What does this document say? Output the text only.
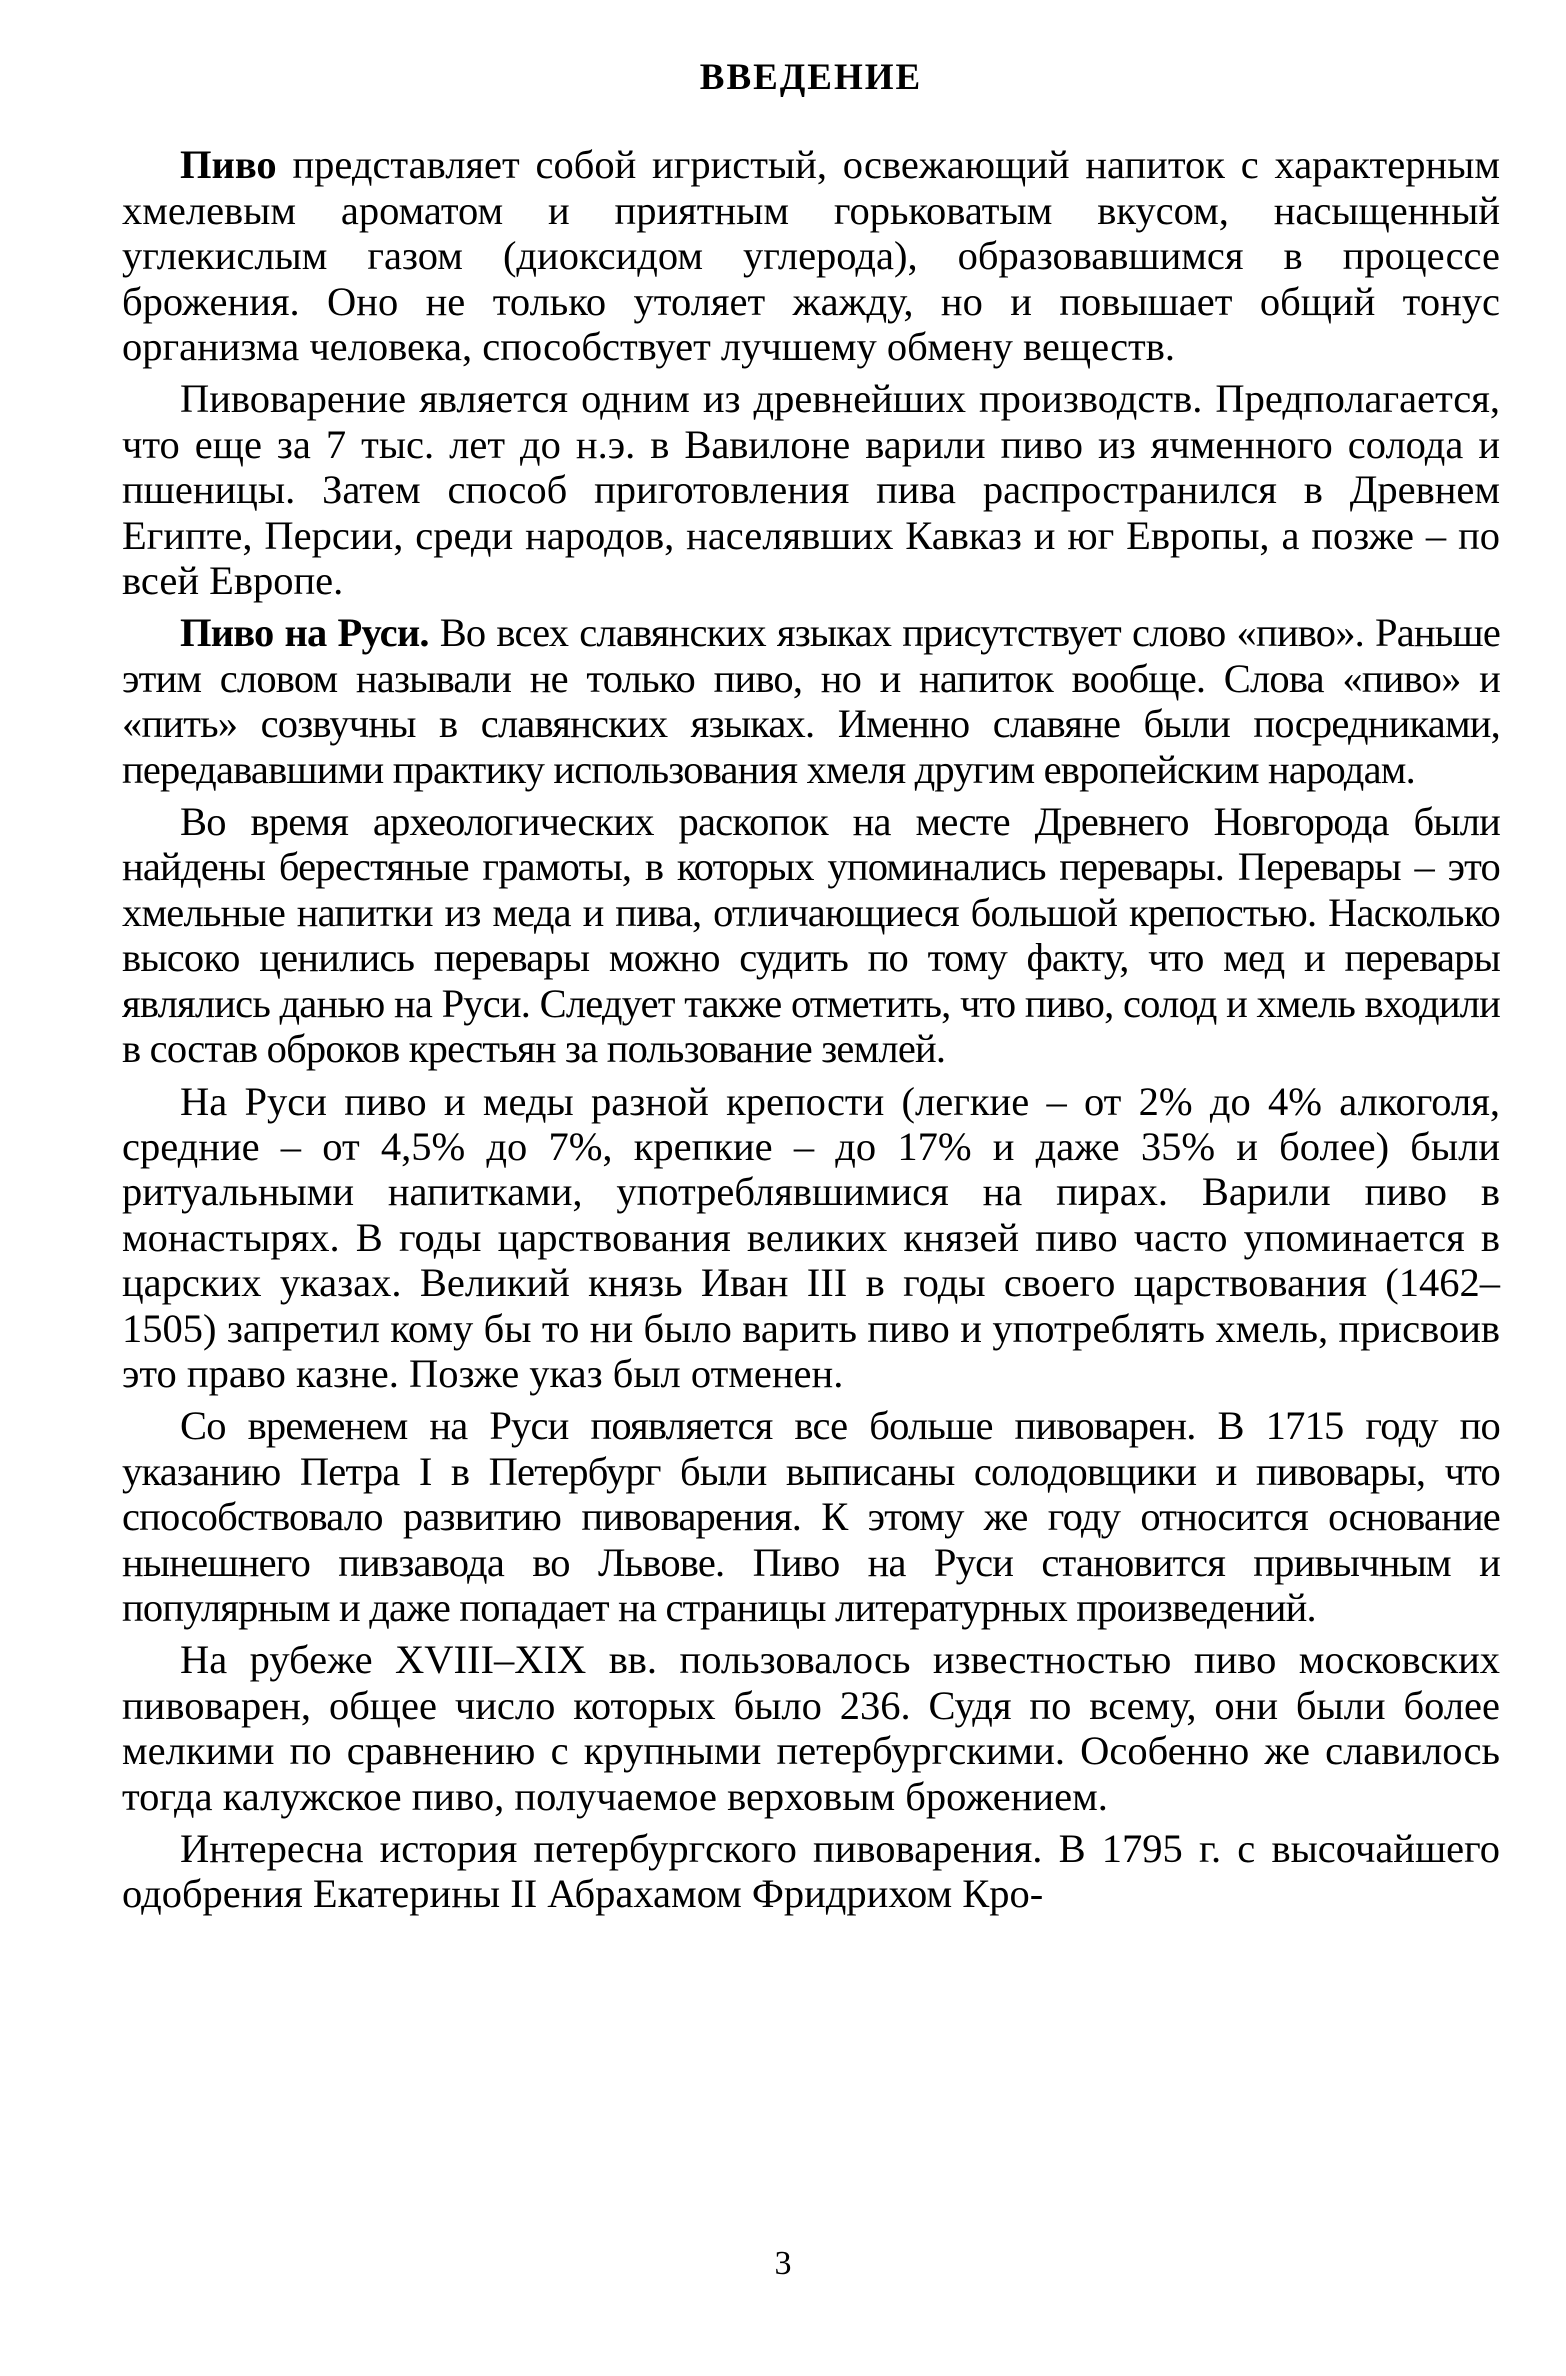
ВВЕДЕНИЕ

Пиво представляет собой игристый, освежающий напиток с характерным хмелевым ароматом и приятным горьковатым вкусом, насыщенный углекислым газом (диоксидом углерода), образовавшимся в процессе брожения. Оно не только утоляет жажду, но и повышает общий тонус организма человека, способствует лучшему обмену веществ.

Пивоварение является одним из древнейших производств. Предполагается, что еще за 7 тыс. лет до н.э. в Вавилоне варили пиво из ячменного солода и пшеницы. Затем способ приготовления пива распространился в Древнем Египте, Персии, среди народов, населявших Кавказ и юг Европы, а позже – по всей Европе.

Пиво на Руси. Во всех славянских языках присутствует слово «пиво». Раньше этим словом называли не только пиво, но и напиток вообще. Слова «пиво» и «пить» созвучны в славянских языках. Именно славяне были посредниками, передававшими практику использования хмеля другим европейским народам.

Во время археологических раскопок на месте Древнего Новгорода были найдены берестяные грамоты, в которых упоминались перевары. Перевары – это хмельные напитки из меда и пива, отличающиеся большой крепостью. Насколько высоко ценились перевары можно судить по тому факту, что мед и перевары являлись данью на Руси. Следует также отметить, что пиво, солод и хмель входили в состав оброков крестьян за пользование землей.

На Руси пиво и меды разной крепости (легкие – от 2% до 4% алкоголя, средние – от 4,5% до 7%, крепкие – до 17% и даже 35% и более) были ритуальными напитками, употреблявшимися на пирах. Варили пиво в монастырях. В годы царствования великих князей пиво часто упоминается в царских указах. Великий князь Иван III в годы своего царствования (1462–1505) запретил кому бы то ни было варить пиво и употреблять хмель, присвоив это право казне. Позже указ был отменен.

Со временем на Руси появляется все больше пивоварен. В 1715 году по указанию Петра I в Петербург были выписаны солодовщики и пивовары, что способствовало развитию пивоварения. К этому же году относится основание нынешнего пивзавода во Львове. Пиво на Руси становится привычным и популярным и даже попадает на страницы литературных произведений.

На рубеже XVIII–XIX вв. пользовалось известностью пиво московских пивоварен, общее число которых было 236. Судя по всему, они были более мелкими по сравнению с крупными петербургскими. Особенно же славилось тогда калужское пиво, получаемое верховым брожением.

Интересна история петербургского пивоварения. В 1795 г. с высочайшего одобрения Екатерины II Абрахамом Фридрихом Кро-

3
